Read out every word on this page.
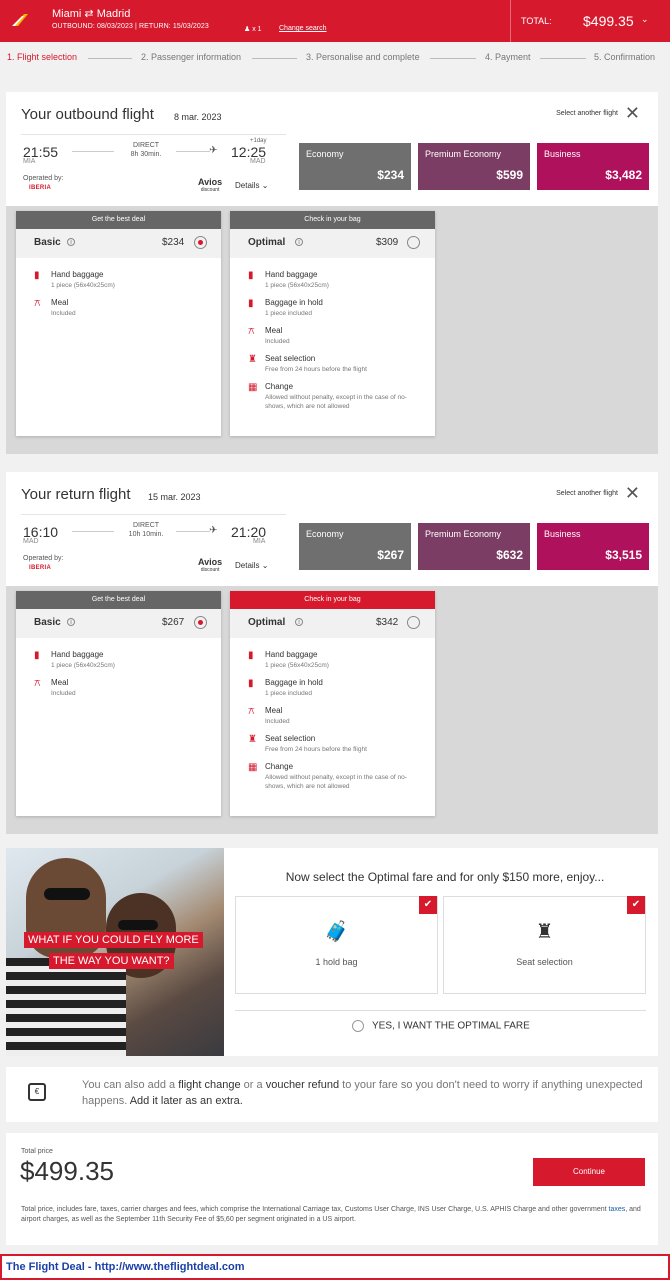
Miami ⇄ Madrid
OUTBOUND: 08/03/2023 | RETURN: 15/03/2023	♟ x 1 Change search
TOTAL: $499.35 ⌄
1. Flight selection	2. Passenger information	3. Personalise and complete	4. Payment	5. Confirmation
Your outbound flight 8 mar. 2023	Select another flight ✕
21:55
MIA
DIRECT
8h 30min.	✈
+1day
12:25
MAD
Operated by:
IBERIA
Avios
discount	Details ⌄
Economy
$234
Premium Economy
$599
Business
$3,482
Get the best deal
Basic	i	$234
▮	Hand baggage
1 piece (56x40x25cm)
⚻	Meal
Included
Check in your bag
Optimal	i	$309
▮	Hand baggage
1 piece (56x40x25cm)
▮	Baggage in hold
1 piece included
⚻	Meal
Included
♜	Seat selection
Free from 24 hours before the flight
▦ Change
Allowed without penalty, except in the case of no-shows, which are not allowed
Your return flight 15 mar. 2023	Select another flight ✕
16:10
MAD
DIRECT
10h 10min.	✈ 21:20
MIA
Operated by:
IBERIA
Avios
discount	Details ⌄
Economy
$267
Premium Economy
$632
Business
$3,515
Get the best deal
Basic	i	$267
▮	Hand baggage
1 piece (56x40x25cm)
⚻	Meal
Included
Check in your bag
Optimal	i	$342
▮	Hand baggage
1 piece (56x40x25cm)
▮	Baggage in hold
1 piece included
⚻	Meal
Included
♜	Seat selection
Free from 24 hours before the flight
▦ Change
Allowed without penalty, except in the case of no-shows, which are not allowed
WHAT IF YOU COULD FLY MORE
THE WAY YOU WANT?
Now select the Optimal fare and for only $150 more, enjoy...
✔
🧳
1 hold bag
✔
♜
Seat selection
YES, I WANT THE OPTIMAL FARE
€
You can also add a flight change or a voucher refund to your fare so you don't need to worry if anything unexpected happens. Add it later as an extra.
Total price
$499.35	Continue
Total price, includes fare, taxes, carrier charges and fees, which comprise the International Carriage tax, Customs User Charge, INS User Charge, U.S. APHIS Charge and other government taxes, and airport charges, as well as the September 11th Security Fee of $5,60 per segment originated in a US airport.
The Flight Deal - http://www.theflightdeal.com
